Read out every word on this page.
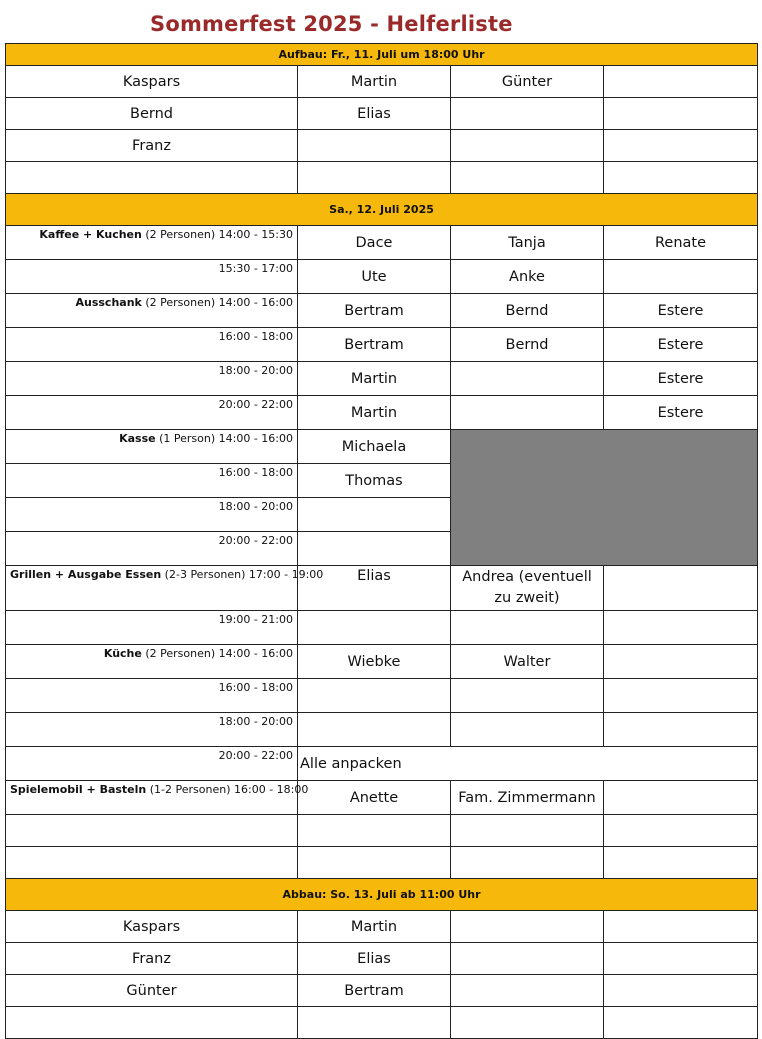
Sommerfest 2025 - Helferliste
Aufbau: Fr., 11. Juli um 18:00 Uhr			
Kaspars	Martin	Günter	
Bernd	Elias		
Franz			

Sa., 12. Juli 2025			
Kaffee + Kuchen (2 Personen) 14:00 - 15:30	Dace	Tanja	Renate
15:30 - 17:00	Ute	Anke	
Ausschank (2 Personen) 14:00 - 16:00	Bertram	Bernd	Estere
16:00 - 18:00	Bertram	Bernd	Estere
18:00 - 20:00	Martin		Estere
20:00 - 22:00	Martin		Estere
Kasse (1 Person) 14:00 - 16:00	Michaela		
16:00 - 18:00	Thomas		
18:00 - 20:00			
20:00 - 22:00			
Grillen + Ausgabe Essen (2-3 Personen) 17:00 - 19:00	Elias	Andrea (eventuell zu zweit)	
19:00 - 21:00			
Küche (2 Personen) 14:00 - 16:00	Wiebke	Walter	
16:00 - 18:00			
18:00 - 20:00			
20:00 - 22:00	Alle anpacken		
Spielemobil + Basteln (1-2 Personen) 16:00 - 18:00	Anette	Fam. Zimmermann	

Abbau: So. 13. Juli ab 11:00 Uhr			
Kaspars	Martin		
Franz	Elias		
Günter	Bertram		
